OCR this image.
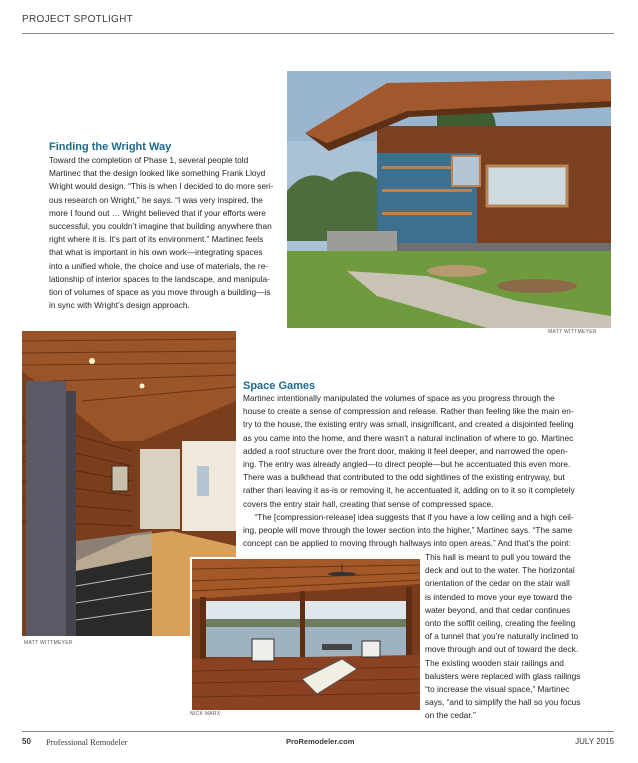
PROJECT SPOTLIGHT
MATT WITTMEYER
Finding the Wright Way

Toward the completion of Phase 1, several people told

Martinec that the design looked like something Frank Lloyd

Wright would design. “This is when I decided to do more seri-

ous research on Wright,” he says. “I was very inspired, the

more I found out … Wright believed that if your efforts were

successful, you couldn’t imagine that building anywhere than

right where it is. It’s part of its environment.” Martinec feels

that what is important in his own work—integrating spaces

into a unified whole, the choice and use of materials, the re-

lationship of interior spaces to the landscape, and manipula-

tion of volumes of space as you move through a building—is

in sync with Wright’s design approach.

MATT WITTMEYER
Space Games

Martinec intentionally manipulated the volumes of space as you progress through the

house to create a sense of compression and release. Rather than feeling like the main en-

try to the house, the existing entry was small, insignificant, and created a disjointed feeling

as you came into the home, and there wasn’t a natural inclination of where to go. Martinec

added a roof structure over the front door, making it feel deeper, and narrowed the open-

ing. The entry was already angled—to direct people—but he accentuated this even more.

There was a bulkhead that contributed to the odd sightlines of the existing entryway, but

rather than leaving it as-is or removing it, he accentuated it, adding on to it so it completely

covers the entry stair hall, creating that sense of compressed space.

“The [compression-release] idea suggests that if you have a low ceiling and a high ceil-

ing, people will move through the lower section into the higher,” Martinec says. “The same

concept can be applied to moving through hallways into open areas.” And that’s the point:

This hall is meant to pull you toward the

deck and out to the water. The horizontal

orientation of the cedar on the stair wall

is intended to move your eye toward the

water beyond, and that cedar continues

onto the soffit ceiling, creating the feeling

of a tunnel that you’re naturally inclined to

move through and out of toward the deck.

The existing wooden stair railings and

balusters were replaced with glass railings

“to increase the visual space,” Martinec

says, “and to simplify the hall so you focus

on the cedar.”

NICK MARX
50 Professional Remodeler	ProRemodeler.com	JULY 2015
